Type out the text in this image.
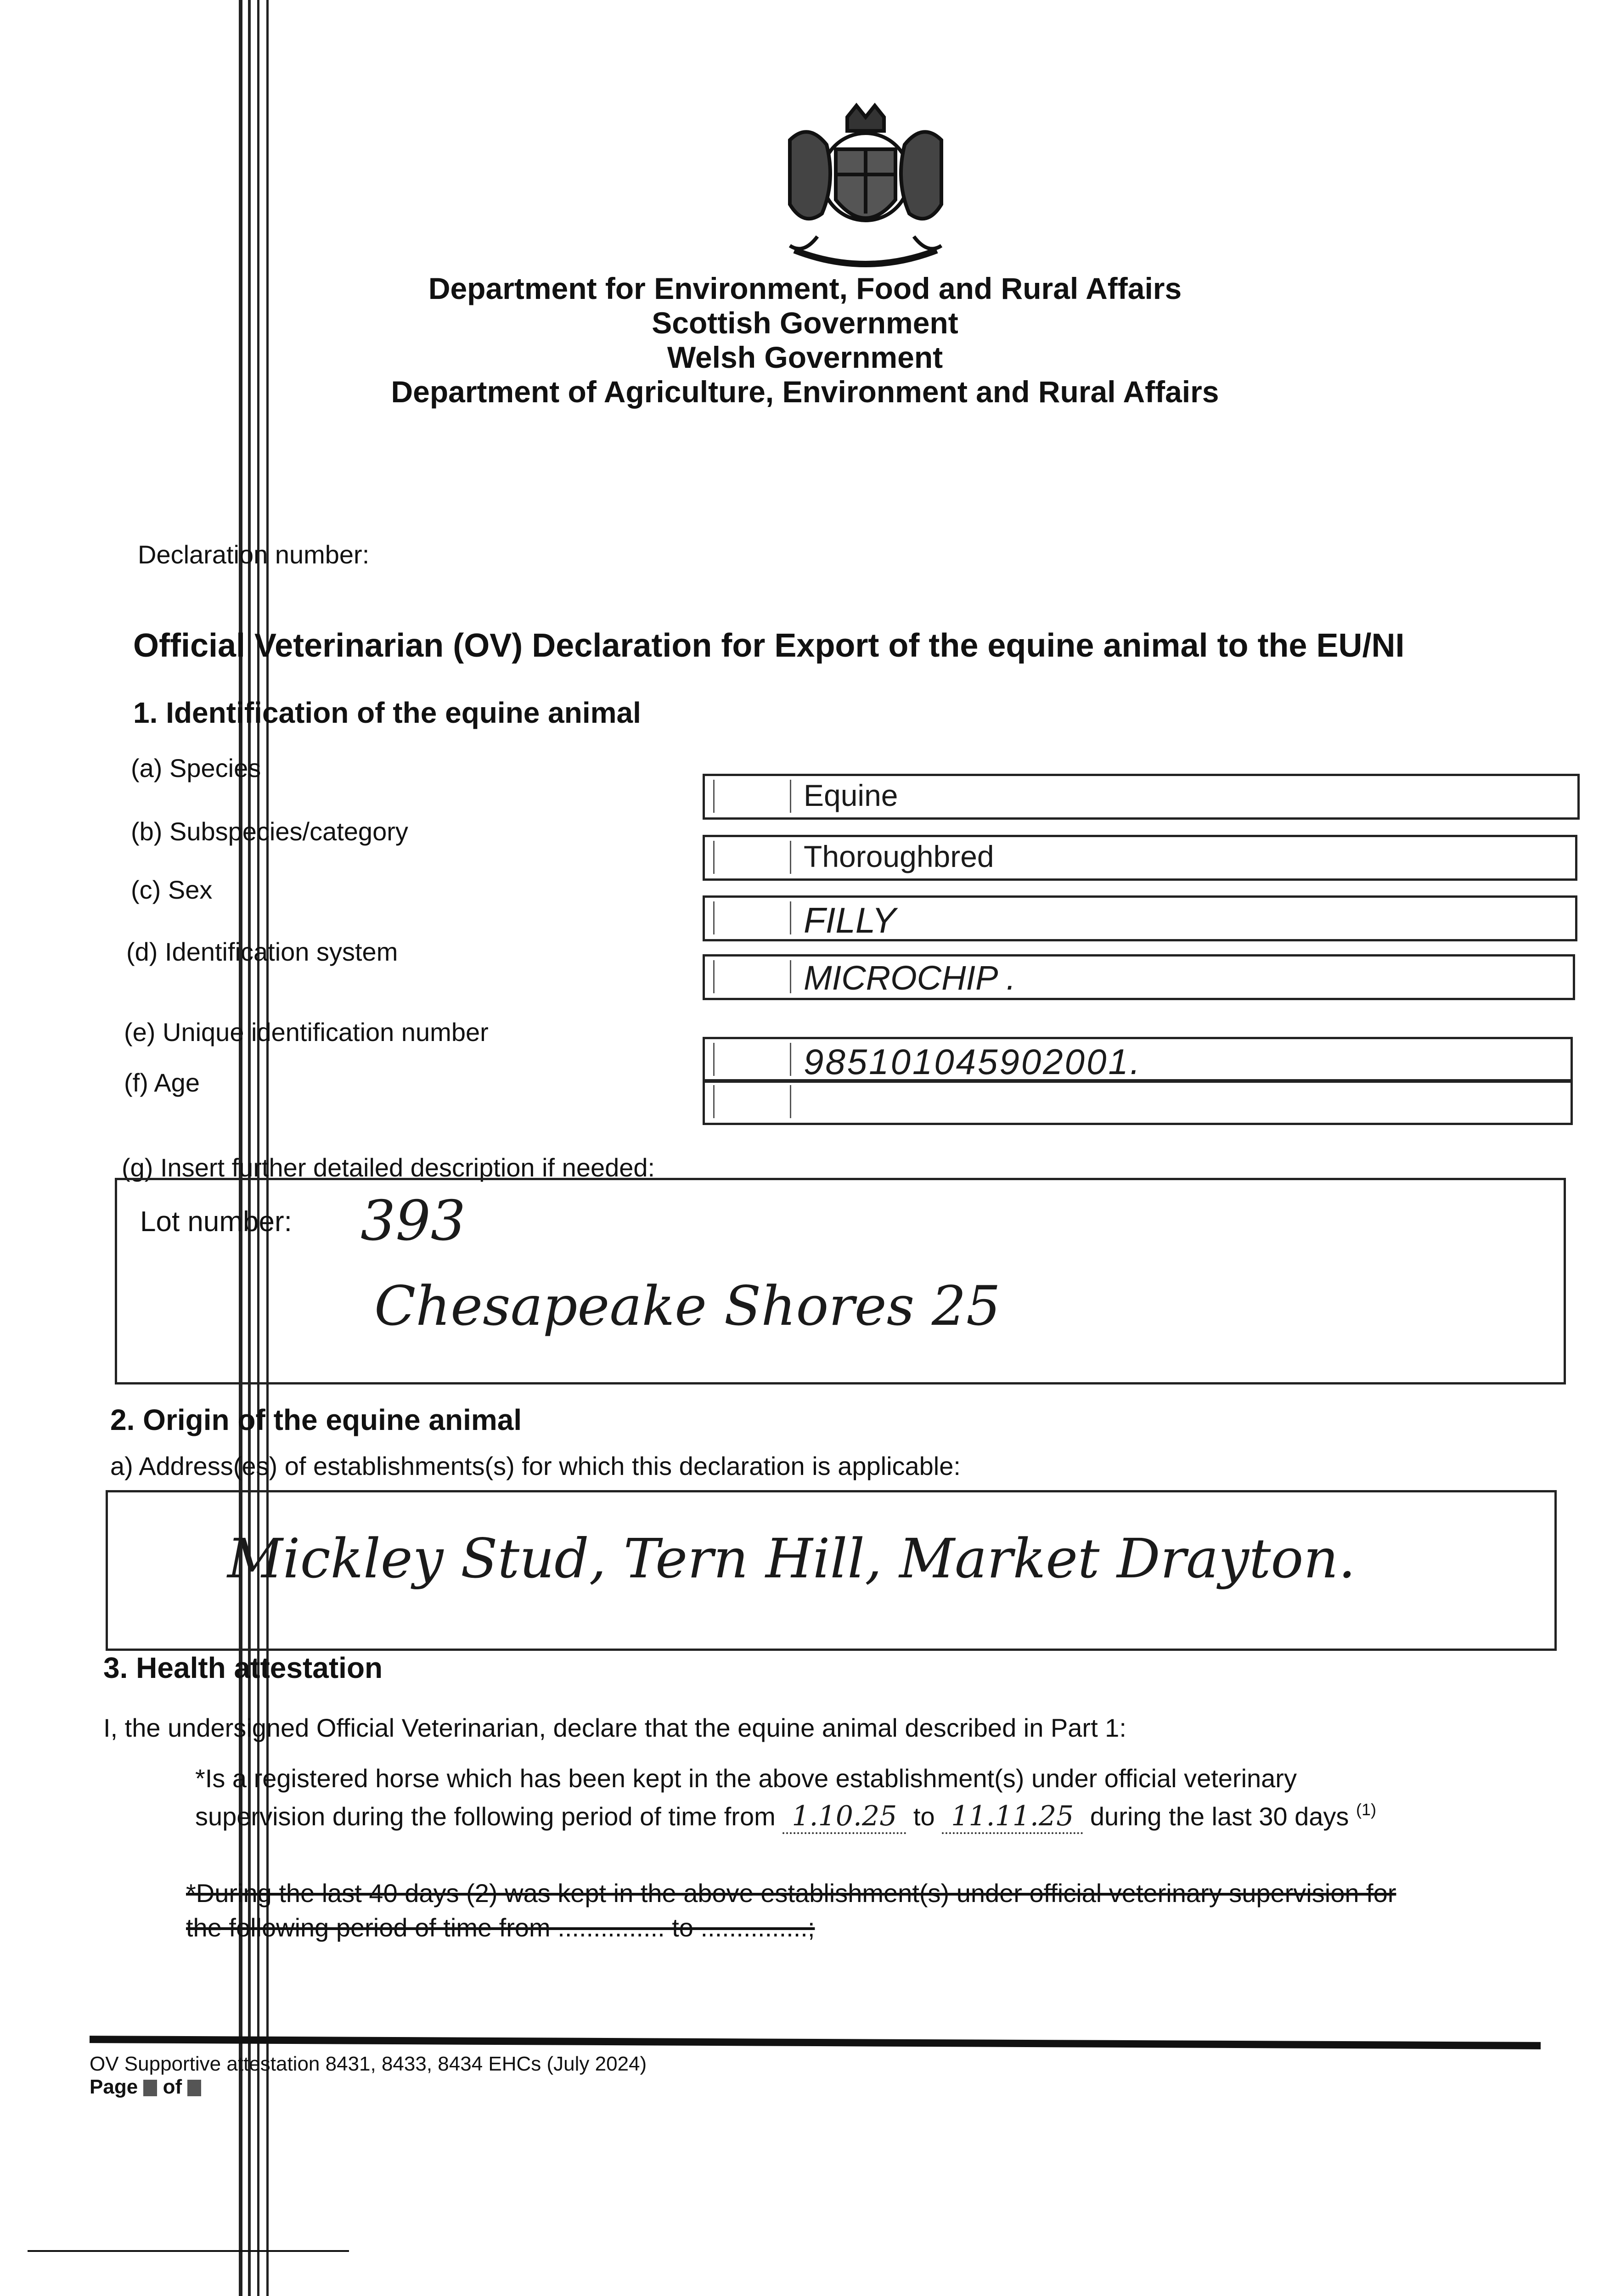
Department for Environment, Food and Rural Affairs
Scottish Government
Welsh Government
Department of Agriculture, Environment and Rural Affairs
Declaration number:
Official Veterinarian (OV) Declaration for Export of the equine animal to the EU/NI
1. Identification of the equine animal
(a) Species
Equine
(b) Subspecies/category
Thoroughbred
(c) Sex
FILLY
(d) Identification system
MICROCHIP .
(e) Unique identification number
985101045902001.
(f) Age
(g) Insert further detailed description if needed:
Lot number: 393
Chesapeake Shores 25
2. Origin of the equine animal
a) Address(es) of establishments(s) for which this declaration is applicable:
Mickley Stud, Tern Hill, Market Drayton.
3. Health attestation
I, the undersigned Official Veterinarian, declare that the equine animal described in Part 1:
*Is a registered horse which has been kept in the above establishment(s) under official veterinary
supervision during the following period of time from 1.10.25 to 11.11.25 during the last 30 days $^{(1)}$
*During the last 40 days (2) was kept in the above establishment(s) under official veterinary supervision for
the following period of time from ............... to ...............;
OV Supportive attestation 8431, 8433, 8434 EHCs (July 2024)
Page of
